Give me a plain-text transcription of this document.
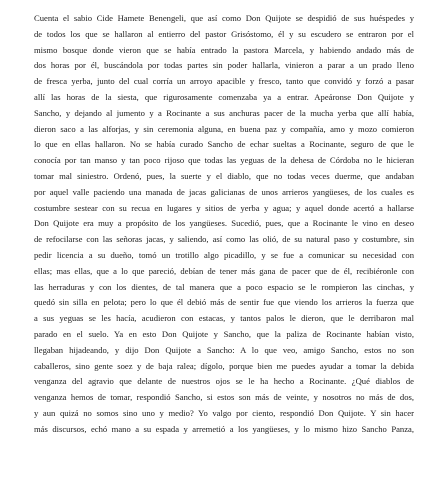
Cuenta el sabio Cide Hamete Benengeli, que así como Don Quijote se despidió de sus huéspedes y
de todos los que se hallaron al entierro del pastor Grisóstomo, él y su escudero se entraron por el
mismo bosque donde vieron que se había entrado la pastora Marcela, y habiendo andado más de
dos horas por él, buscándola por todas partes sin poder hallarla, vinieron a parar a un prado lleno
de fresca yerba, junto del cual corría un arroyo apacible y fresco, tanto que convidó y forzó a pasar
allí las horas de la siesta, que rigurosamente comenzaba ya a entrar. Apeáronse Don Quijote y
Sancho, y dejando al jumento y a Rocinante a sus anchuras pacer de la mucha yerba que allí había,
dieron saco a las alforjas, y sin ceremonia alguna, en buena paz y compañía, amo y mozo comieron
lo que en ellas hallaron. No se había curado Sancho de echar sueltas a Rocinante, seguro de que le
conocía por tan manso y tan poco rijoso que todas las yeguas de la dehesa de Córdoba no le hicieran
tomar mal siniestro. Ordenó, pues, la suerte y el diablo, que no todas veces duerme, que andaban
por aquel valle paciendo una manada de jacas galicianas de unos arrieros yangüeses, de los cuales es
costumbre sestear con su recua en lugares y sitios de yerba y agua; y aquel donde acertó a hallarse
Don Quijote era muy a propósito de los yangüeses. Sucedió, pues, que a Rocinante le vino en deseo
de refocilarse con las señoras jacas, y saliendo, así como las olió, de su natural paso y costumbre, sin
pedir licencia a su dueño, tomó un trotillo algo picadillo, y se fue a comunicar su necesidad con
ellas; mas ellas, que a lo que pareció, debían de tener más gana de pacer que de él, recibiéronle con
las herraduras y con los dientes, de tal manera que a poco espacio se le rompieron las cinchas, y
quedó sin silla en pelota; pero lo que él debió más de sentir fue que viendo los arrieros la fuerza que
a sus yeguas se les hacía, acudieron con estacas, y tantos palos le dieron, que le derribaron mal
parado en el suelo. Ya en esto Don Quijote y Sancho, que la paliza de Rocinante habían visto,
llegaban hijadeando, y dijo Don Quijote a Sancho: A lo que veo, amigo Sancho, estos no son
caballeros, sino gente soez y de baja ralea; dígolo, porque bien me puedes ayudar a tomar la debida
venganza del agravio que delante de nuestros ojos se le ha hecho a Rocinante. ¿Qué diablos de
venganza hemos de tomar, respondió Sancho, si estos son más de veinte, y nosotros no más de dos,
y aun quizá no somos sino uno y medio? Yo valgo por ciento, respondió Don Quijote. Y sin hacer
más discursos, echó mano a su espada y arremetió a los yangüeses, y lo mismo hizo Sancho Panza,
